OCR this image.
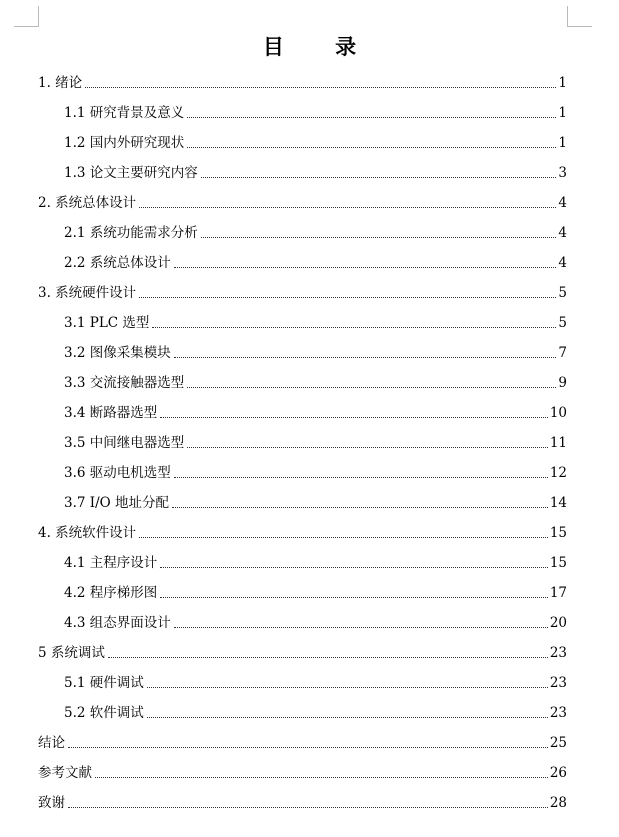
目 录
1. 绪论	1
1.1 研究背景及意义	1
1.2 国内外研究现状	1
1.3 论文主要研究内容	3
2. 系统总体设计	4
2.1 系统功能需求分析	4
2.2 系统总体设计	4
3. 系统硬件设计	5
3.1 PLC 选型	5
3.2 图像采集模块	7
3.3 交流接触器选型	9
3.4 断路器选型	10
3.5 中间继电器选型	11
3.6 驱动电机选型	12
3.7 I/O 地址分配	14
4. 系统软件设计	15
4.1 主程序设计	15
4.2 程序梯形图	17
4.3 组态界面设计	20
5 系统调试	23
5.1 硬件调试	23
5.2 软件调试	23
结论	25
参考文献	26
致谢	28
